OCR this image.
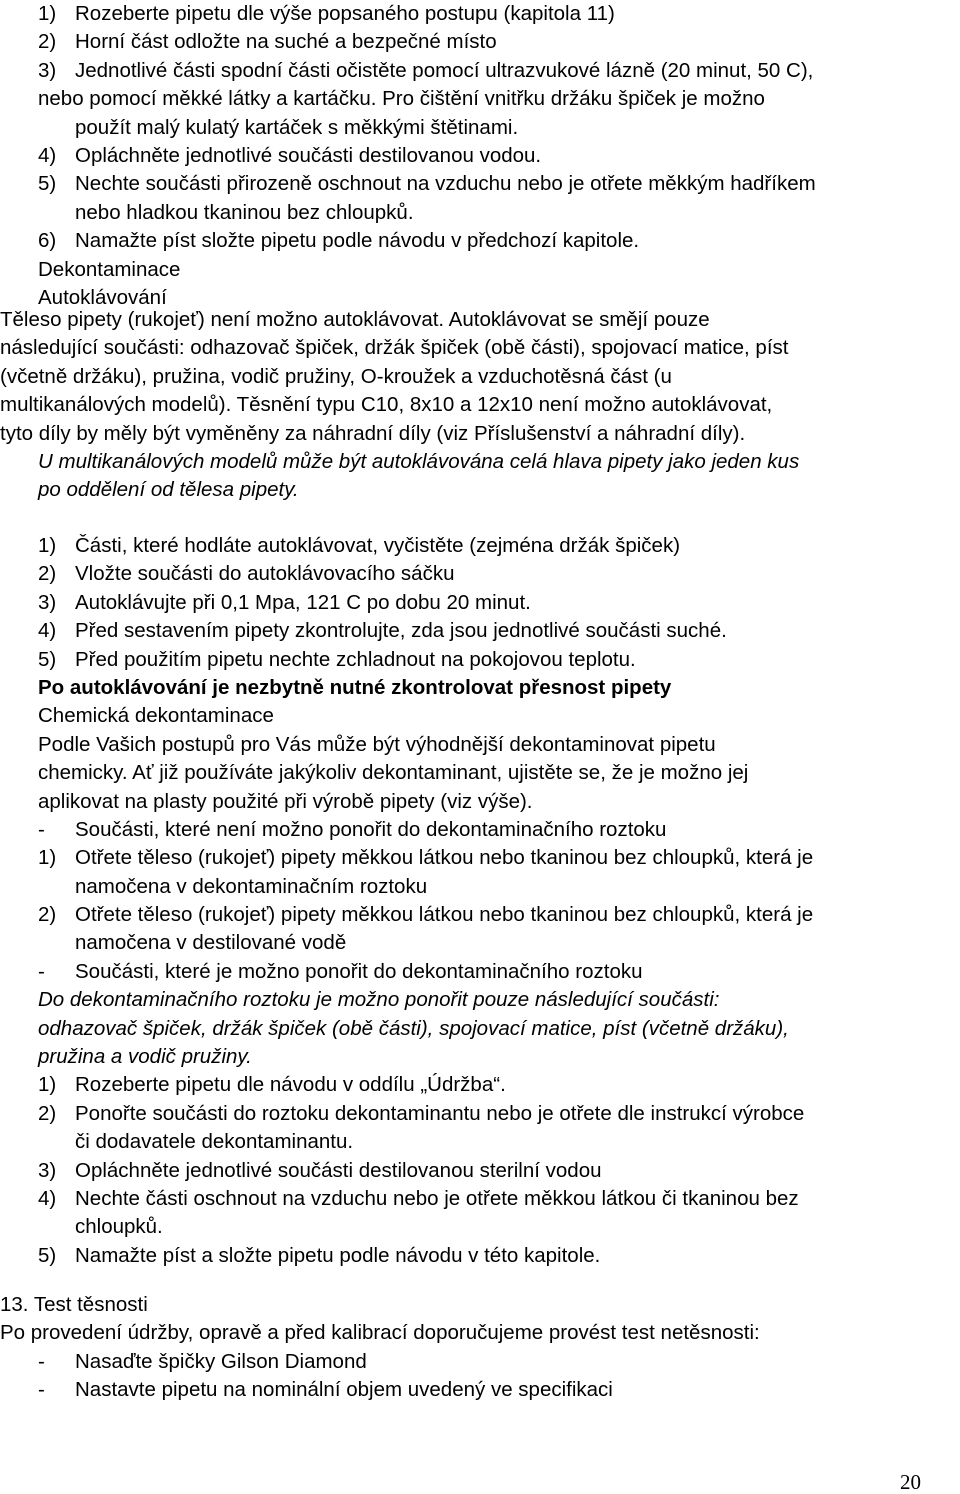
1) Rozeberte pipetu dle výše popsaného postupu (kapitola 11)
2) Horní část odložte na suché a bezpečné místo
3) Jednotlivé části spodní části očistěte pomocí ultrazvukové lázně (20 minut, 50 C),
nebo pomocí měkké látky a kartáčku. Pro čištění vnitřku držáku špiček je možno
použít malý kulatý kartáček s měkkými štětinami.
4) Opláchněte jednotlivé součásti destilovanou vodou.
5) Nechte součásti přirozeně oschnout na vzduchu nebo je otřete měkkým hadříkem
nebo hladkou tkaninou bez chloupků.
6) Namažte píst složte pipetu podle návodu v předchozí kapitole.
Dekontaminace
Autoklávování
Těleso pipety (rukojeť) není možno autoklávovat. Autoklávovat se smějí pouze
následující součásti: odhazovač špiček, držák špiček (obě části), spojovací matice, píst
(včetně držáku), pružina, vodič pružiny, O-kroužek a vzduchotěsná část (u
multikanálových modelů). Těsnění typu C10, 8x10 a 12x10 není možno autoklávovat,
tyto díly by měly být vyměněny za náhradní díly (viz Příslušenství a náhradní díly).
U multikanálových modelů může být autoklávována celá hlava pipety jako jeden kus
po oddělení od tělesa pipety.
1) Části, které hodláte autoklávovat, vyčistěte (zejména držák špiček)
2) Vložte součásti do autoklávovacího sáčku
3) Autoklávujte při 0,1 Mpa, 121 C po dobu 20 minut.
4) Před sestavením pipety zkontrolujte, zda jsou jednotlivé součásti suché.
5) Před použitím pipetu nechte zchladnout na pokojovou teplotu.
Po autoklávování je nezbytně nutné zkontrolovat přesnost pipety
Chemická dekontaminace
Podle Vašich postupů pro Vás může být výhodnější dekontaminovat pipetu
chemicky. Ať již používáte jakýkoliv dekontaminant, ujistěte se, že je možno jej
aplikovat na plasty použité při výrobě pipety (viz výše).
-	Součásti, které není možno ponořit do dekontaminačního roztoku
1) Otřete těleso (rukojeť) pipety měkkou látkou nebo tkaninou bez chloupků, která je
namočena v dekontaminačním roztoku
2) Otřete těleso (rukojeť) pipety měkkou látkou nebo tkaninou bez chloupků, která je
namočena v destilované vodě
-	Součásti, které je možno ponořit do dekontaminačního roztoku
Do dekontaminačního roztoku je možno ponořit pouze následující součásti:
odhazovač špiček, držák špiček (obě části), spojovací matice, píst (včetně držáku),
pružina a vodič pružiny.
1) Rozeberte pipetu dle návodu v oddílu „Údržba“.
2) Ponořte součásti do roztoku dekontaminantu nebo je otřete dle instrukcí výrobce
či dodavatele dekontaminantu.
3) Opláchněte jednotlivé součásti destilovanou sterilní vodou
4) Nechte části oschnout na vzduchu nebo je otřete měkkou látkou či tkaninou bez
chloupků.
5) Namažte píst a složte pipetu podle návodu v této kapitole.
13. Test těsnosti
Po provedení údržby, opravě a před kalibrací doporučujeme provést test netěsnosti:
-	Nasaďte špičky Gilson Diamond
-	Nastavte pipetu na nominální objem uvedený ve specifikaci
20
